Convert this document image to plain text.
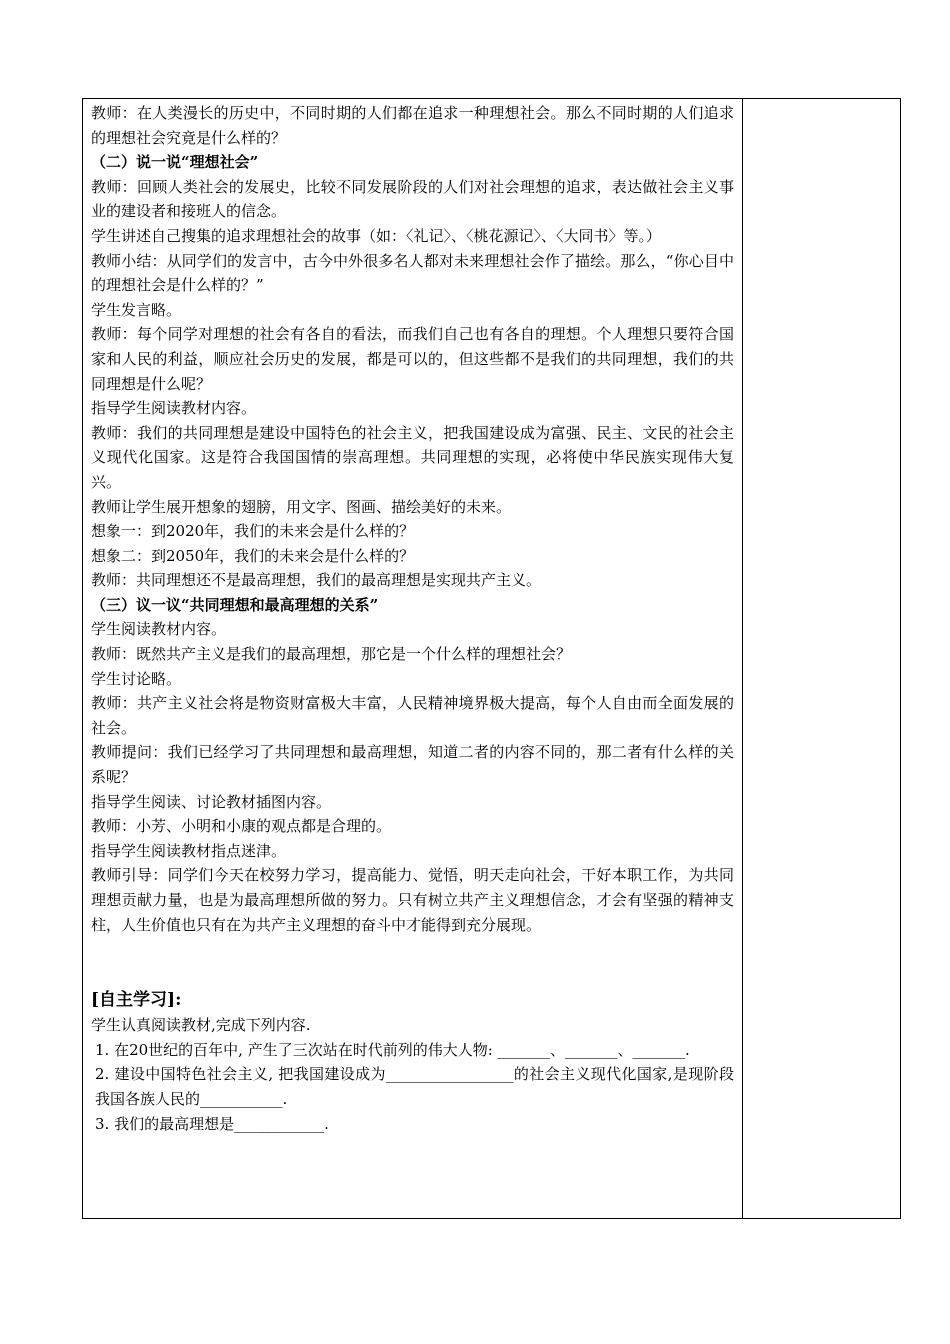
教师：在人类漫长的历史中，不同时期的人们都在追求一种理想社会。那么不同时期的人们追求的理想社会究竟是什么样的？

（二）说一说“理想社会”

教师：回顾人类社会的发展史，比较不同发展阶段的人们对社会理想的追求，表达做社会主义事业的建设者和接班人的信念。

学生讲述自己搜集的追求理想社会的故事（如：〈礼记〉、〈桃花源记〉、〈大同书〉等。）

教师小结：从同学们的发言中，古今中外很多名人都对未来理想社会作了描绘。那么，“你心目中的理想社会是什么样的？”

学生发言略。

教师：每个同学对理想的社会有各自的看法，而我们自己也有各自的理想。个人理想只要符合国家和人民的利益，顺应社会历史的发展，都是可以的，但这些都不是我们的共同理想，我们的共同理想是什么呢？

指导学生阅读教材内容。

教师：我们的共同理想是建设中国特色的社会主义，把我国建设成为富强、民主、文民的社会主义现代化国家。这是符合我国国情的崇高理想。共同理想的实现，必将使中华民族实现伟大复兴。

教师让学生展开想象的翅膀，用文字、图画、描绘美好的未来。

想象一：到2020年，我们的未来会是什么样的？

想象二：到2050年，我们的未来会是什么样的？

教师：共同理想还不是最高理想，我们的最高理想是实现共产主义。

（三）议一议“共同理想和最高理想的关系”

学生阅读教材内容。

教师：既然共产主义是我们的最高理想，那它是一个什么样的理想社会？

学生讨论略。

教师：共产主义社会将是物资财富极大丰富，人民精神境界极大提高，每个人自由而全面发展的社会。

教师提问：我们已经学习了共同理想和最高理想，知道二者的内容不同的，那二者有什么样的关系呢？

指导学生阅读、讨论教材插图内容。

教师：小芳、小明和小康的观点都是合理的。

指导学生阅读教材指点迷津。

教师引导：同学们今天在校努力学习，提高能力、觉悟，明天走向社会，干好本职工作，为共同理想贡献力量，也是为最高理想所做的努力。只有树立共产主义理想信念，才会有坚强的精神支柱，人生价值也只有在为共产主义理想的奋斗中才能得到充分展现。

[自主学习]:

学生认真阅读教材,完成下列内容.

1. 在20世纪的百年中, 产生了三次站在时代前列的伟大人物: _______、_______、_______.

2. 建设中国特色社会主义, 把我国建设成为_________________的社会主义现代化国家,是现阶段我国各族人民的___________.

3. 我们的最高理想是____________.
